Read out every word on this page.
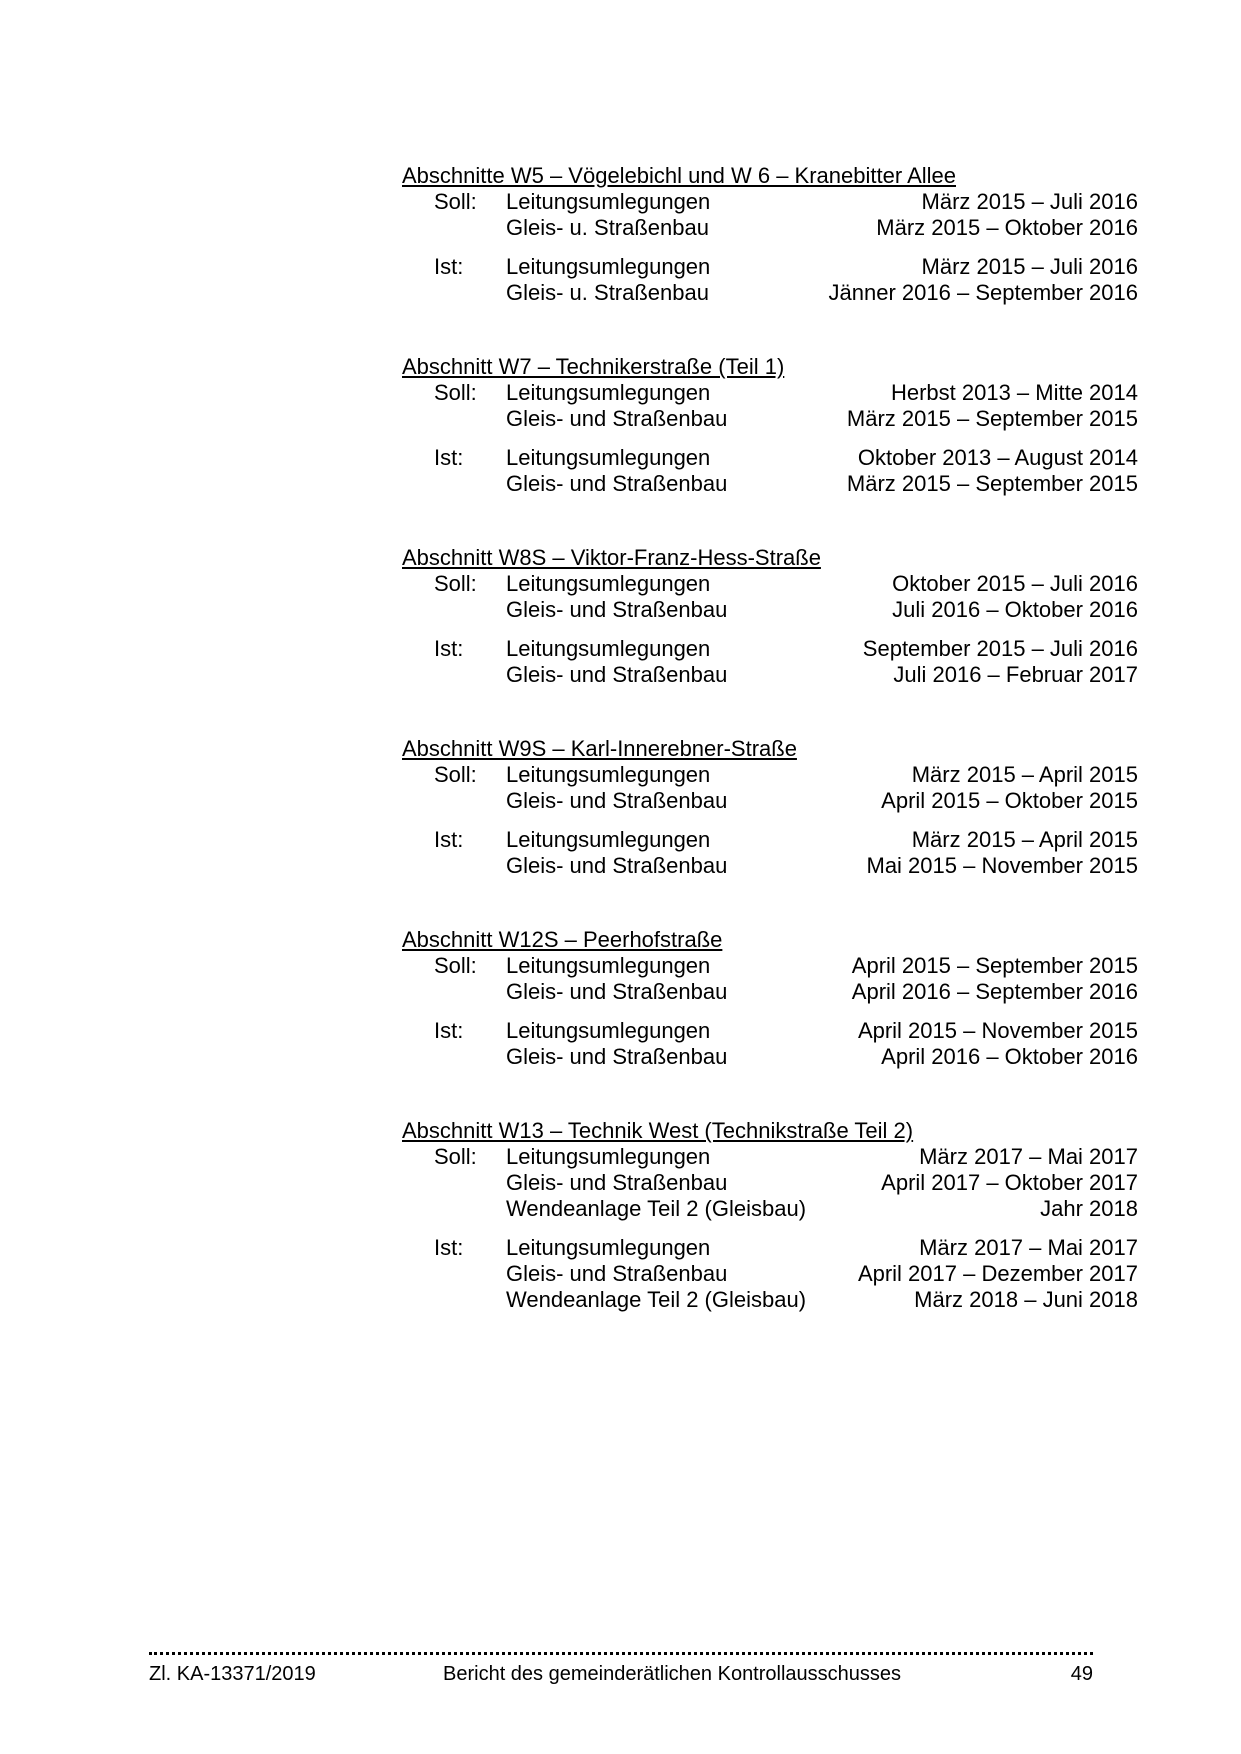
Abschnitte W5 – Vögelebichl und W 6 – Kranebitter Allee
Soll: Leitungsumlegungen	März 2015 – Juli 2016
Gleis- u. Straßenbau	März 2015 – Oktober 2016
Ist: Leitungsumlegungen	März 2015 – Juli 2016
Gleis- u. Straßenbau	Jänner 2016 – September 2016
Abschnitt W7 – Technikerstraße (Teil 1)
Soll: Leitungsumlegungen	Herbst 2013 – Mitte 2014
Gleis- und Straßenbau	März 2015 – September 2015
Ist: Leitungsumlegungen	Oktober 2013 – August 2014
Gleis- und Straßenbau	März 2015 – September 2015
Abschnitt W8S – Viktor-Franz-Hess-Straße
Soll: Leitungsumlegungen	Oktober 2015 – Juli 2016
Gleis- und Straßenbau	Juli 2016 – Oktober 2016
Ist: Leitungsumlegungen	September 2015 – Juli 2016
Gleis- und Straßenbau	Juli 2016 – Februar 2017
Abschnitt W9S – Karl-Innerebner-Straße
Soll: Leitungsumlegungen	März 2015 – April 2015
Gleis- und Straßenbau	April 2015 – Oktober 2015
Ist: Leitungsumlegungen	März 2015 – April 2015
Gleis- und Straßenbau	Mai 2015 – November 2015
Abschnitt W12S – Peerhofstraße
Soll: Leitungsumlegungen	April 2015 – September 2015
Gleis- und Straßenbau	April 2016 – September 2016
Ist: Leitungsumlegungen	April 2015 – November 2015
Gleis- und Straßenbau	April 2016 – Oktober 2016
Abschnitt W13 – Technik West (Technikstraße Teil 2)
Soll: Leitungsumlegungen	März 2017 – Mai 2017
Gleis- und Straßenbau	April 2017 – Oktober 2017
Wendeanlage Teil 2 (Gleisbau)	Jahr 2018
Ist: Leitungsumlegungen	März 2017 – Mai 2017
Gleis- und Straßenbau	April 2017 – Dezember 2017
Wendeanlage Teil 2 (Gleisbau)	März 2018 – Juni 2018
Zl. KA-13371/2019	Bericht des gemeinderätlichen Kontrollausschusses	49
